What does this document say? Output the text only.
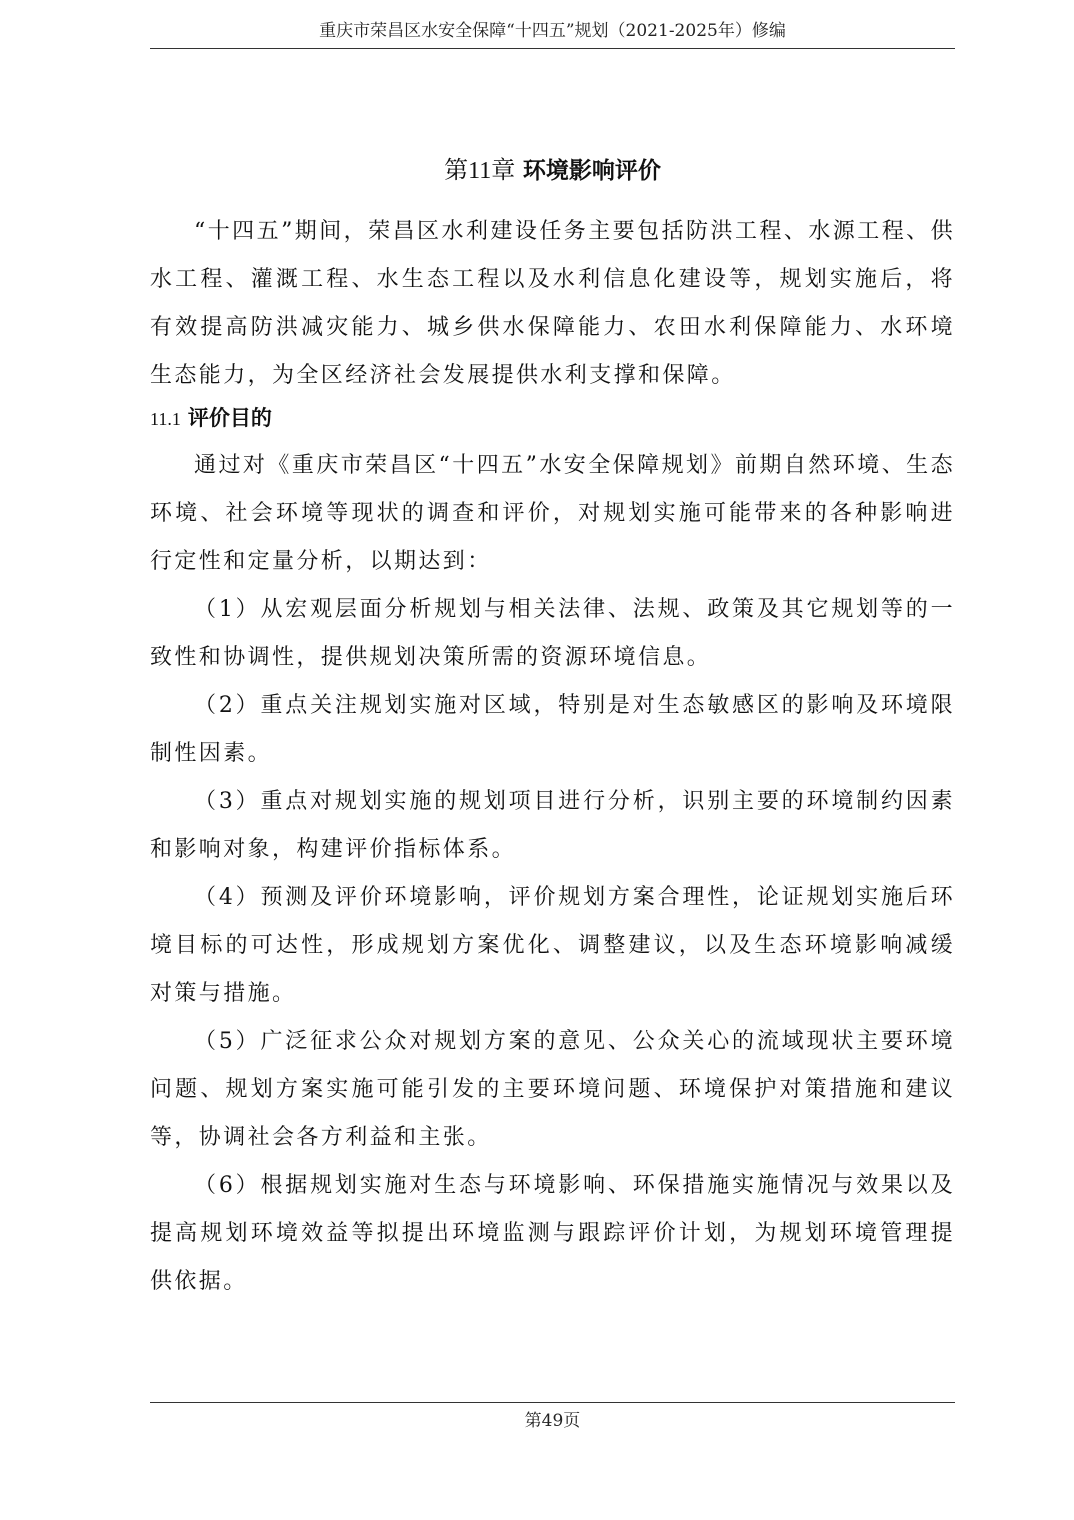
重庆市荣昌区水安全保障“十四五”规划（2021-2025年）修编
第11章 环境影响评价

“十四五”期间，荣昌区水利建设任务主要包括防洪工程、水源工程、供水工程、灌溉工程、水生态工程以及水利信息化建设等，规划实施后，将有效提高防洪减灾能力、城乡供水保障能力、农田水利保障能力、水环境生态能力，为全区经济社会发展提供水利支撑和保障。

11.1 评价目的

通过对《重庆市荣昌区“十四五”水安全保障规划》前期自然环境、生态环境、社会环境等现状的调查和评价，对规划实施可能带来的各种影响进行定性和定量分析，以期达到：

（1）从宏观层面分析规划与相关法律、法规、政策及其它规划等的一致性和协调性，提供规划决策所需的资源环境信息。

（2）重点关注规划实施对区域，特别是对生态敏感区的影响及环境限制性因素。

（3）重点对规划实施的规划项目进行分析，识别主要的环境制约因素和影响对象，构建评价指标体系。

（4）预测及评价环境影响，评价规划方案合理性，论证规划实施后环境目标的可达性，形成规划方案优化、调整建议，以及生态环境影响减缓对策与措施。

（5）广泛征求公众对规划方案的意见、公众关心的流域现状主要环境问题、规划方案实施可能引发的主要环境问题、环境保护对策措施和建议等，协调社会各方利益和主张。

（6）根据规划实施对生态与环境影响、环保措施实施情况与效果以及提高规划环境效益等拟提出环境监测与跟踪评价计划，为规划环境管理提供依据。

第49页
